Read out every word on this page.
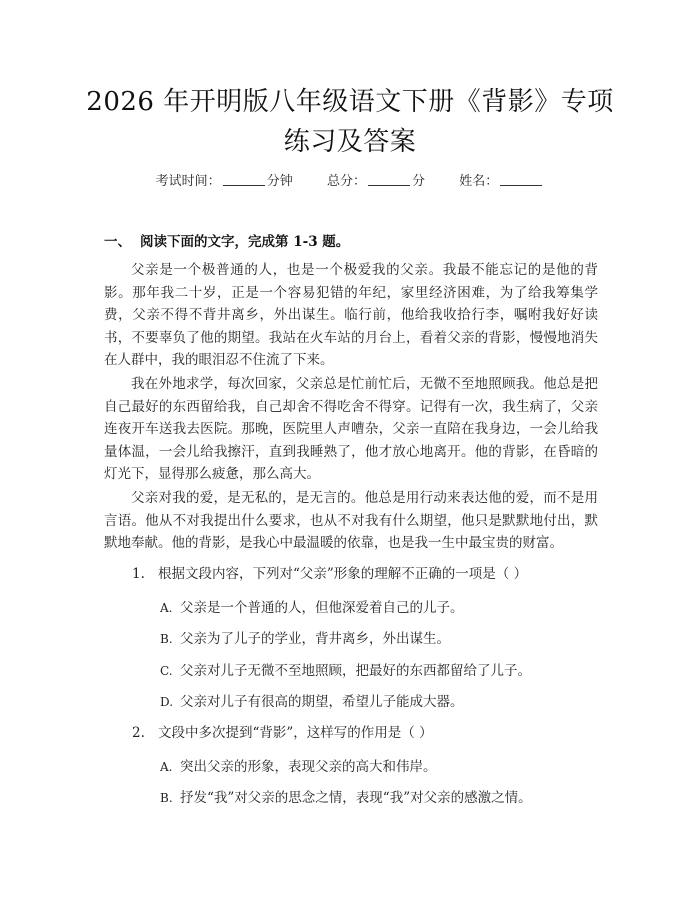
2026 年开明版八年级语文下册《背影》专项
练习及答案
考试时间：	分钟	总分：	分	姓名：
一、 阅读下面的文字，完成第 1-3 题。
父亲是一个极普通的人，也是一个极爱我的父亲。我最不能忘记的是他的背影。那年我二十岁，正是一个容易犯错的年纪，家里经济困难，为了给我筹集学费，父亲不得不背井离乡，外出谋生。临行前，他给我收拾行李，嘱咐我好好读书，不要辜负了他的期望。我站在火车站的月台上，看着父亲的背影，慢慢地消失在人群中，我的眼泪忍不住流了下来。
我在外地求学，每次回家，父亲总是忙前忙后，无微不至地照顾我。他总是把自己最好的东西留给我，自己却舍不得吃舍不得穿。记得有一次，我生病了，父亲连夜开车送我去医院。那晚，医院里人声嘈杂，父亲一直陪在我身边，一会儿给我量体温，一会儿给我擦汗，直到我睡熟了，他才放心地离开。他的背影，在昏暗的灯光下，显得那么疲惫，那么高大。
父亲对我的爱，是无私的，是无言的。他总是用行动来表达他的爱，而不是用言语。他从不对我提出什么要求，也从不对我有什么期望，他只是默默地付出，默默地奉献。他的背影，是我心中最温暖的依靠，也是我一生中最宝贵的财富。
1. 根据文段内容，下列对“父亲”形象的理解不正确的一项是（ ）
A. 父亲是一个普通的人，但他深爱着自己的儿子。
B. 父亲为了儿子的学业，背井离乡，外出谋生。
C. 父亲对儿子无微不至地照顾，把最好的东西都留给了儿子。
D. 父亲对儿子有很高的期望，希望儿子能成大器。
2. 文段中多次提到“背影”，这样写的作用是（ ）
A. 突出父亲的形象，表现父亲的高大和伟岸。
B. 抒发“我”对父亲的思念之情，表现“我”对父亲的感激之情。
